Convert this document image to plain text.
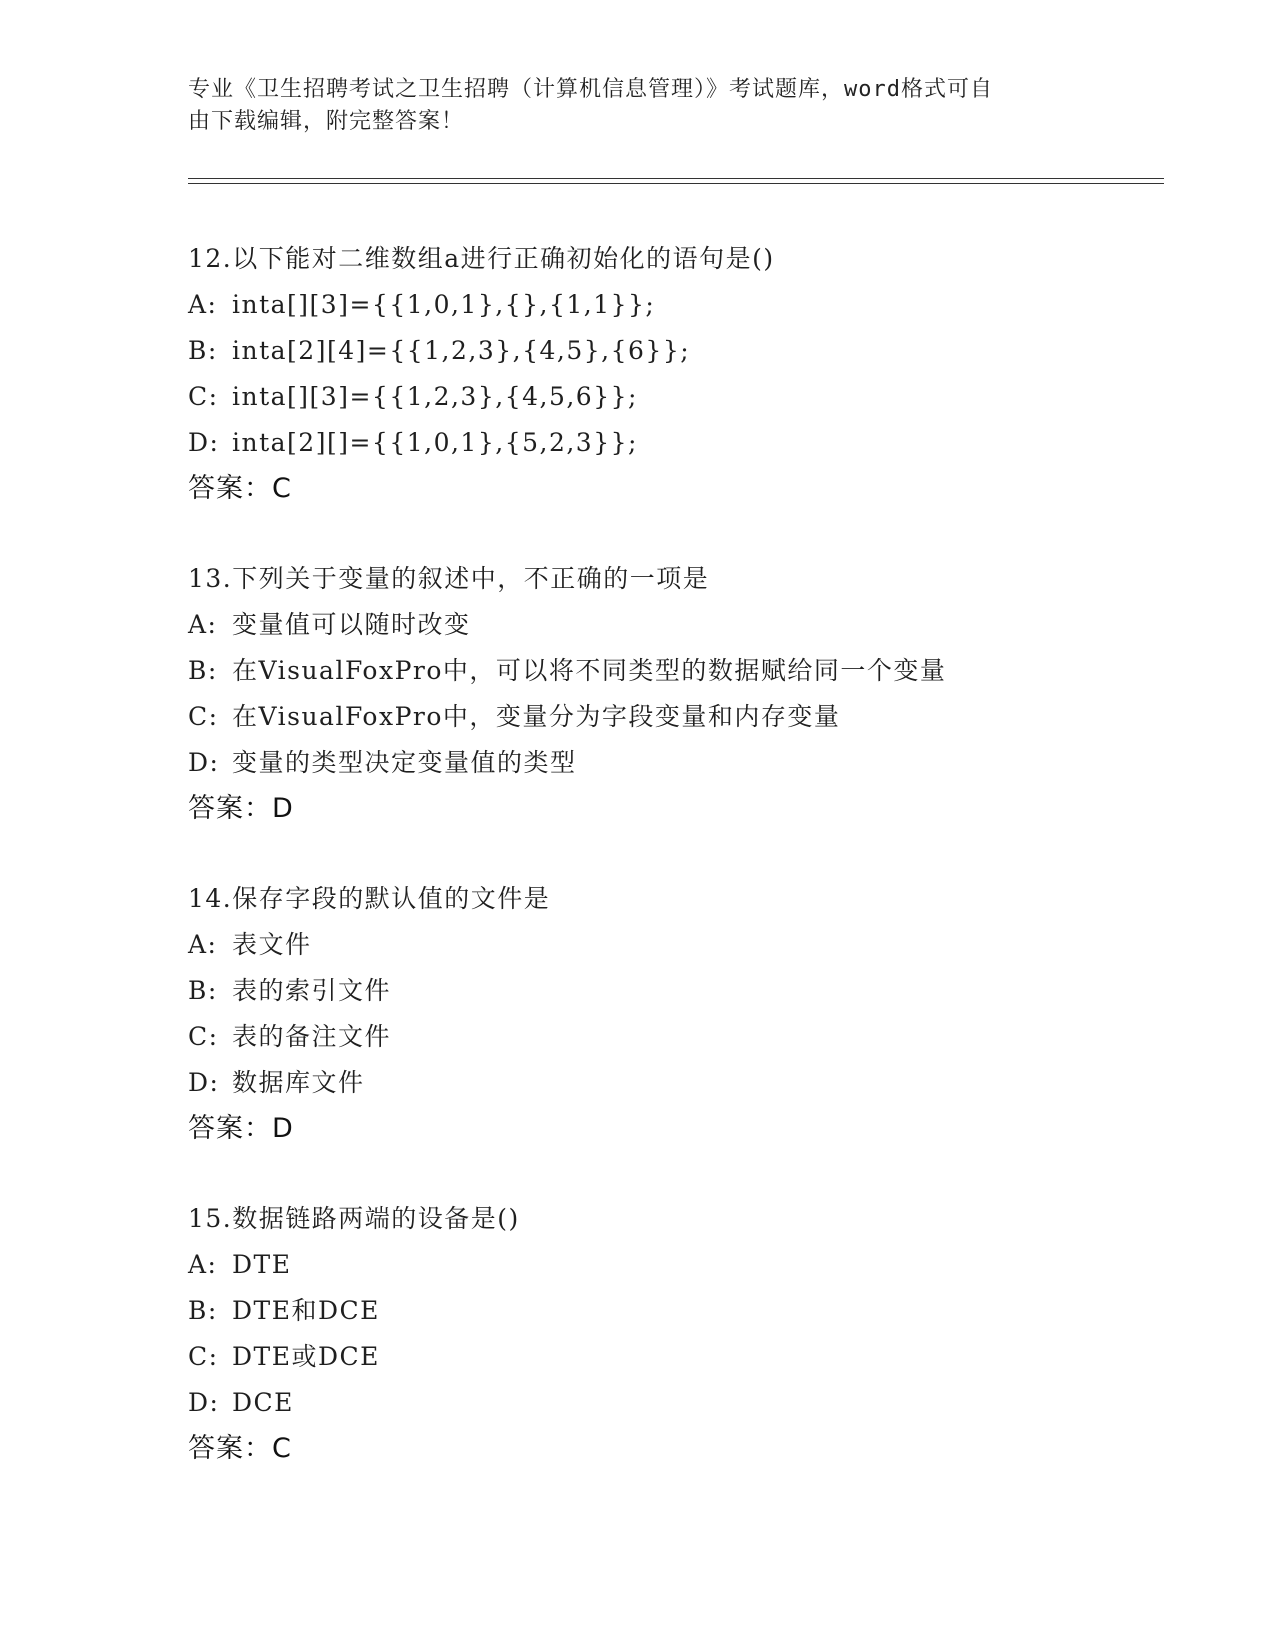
专业《卫生招聘考试之卫生招聘（计算机信息管理）》考试题库，word格式可自
由下载编辑，附完整答案！
12.以下能对二维数组a进行正确初始化的语句是()
A: inta[][3]={{1,0,1},{},{1,1}};
B: inta[2][4]={{1,2,3},{4,5},{6}};
C: inta[][3]={{1,2,3},{4,5,6}};
D: inta[2][]={{1,0,1},{5,2,3}};
答案：C
13.下列关于变量的叙述中，不正确的一项是
A: 变量值可以随时改变
B: 在VisualFoxPro中，可以将不同类型的数据赋给同一个变量
C: 在VisualFoxPro中，变量分为字段变量和内存变量
D: 变量的类型决定变量值的类型
答案：D
14.保存字段的默认值的文件是
A: 表文件
B: 表的索引文件
C: 表的备注文件
D: 数据库文件
答案：D
15.数据链路两端的设备是()
A: DTE
B: DTE和DCE
C: DTE或DCE
D: DCE
答案：C
